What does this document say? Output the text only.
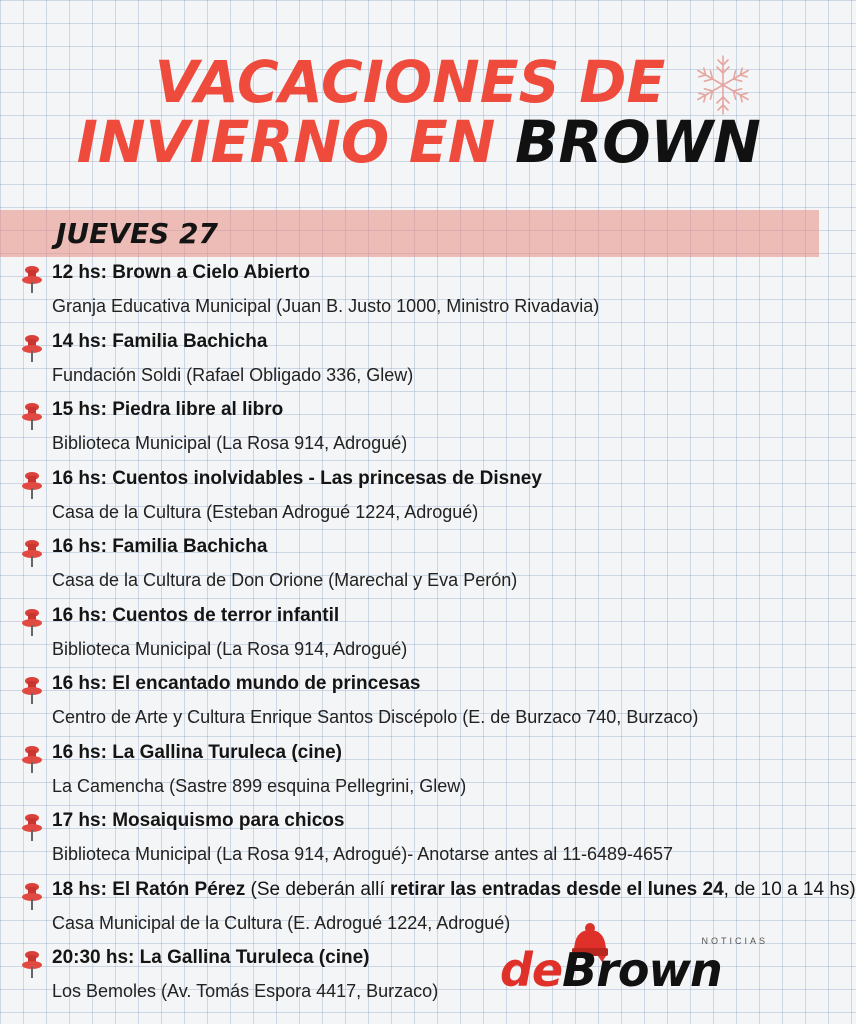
VACACIONES DE
INVIERNO EN BROWN
JUEVES 27
12 hs: Brown a Cielo Abierto
Granja Educativa Municipal (Juan B. Justo 1000, Ministro Rivadavia)
14 hs: Familia Bachicha
Fundación Soldi (Rafael Obligado 336, Glew)
15 hs: Piedra libre al libro
Biblioteca Municipal (La Rosa 914, Adrogué)
16 hs: Cuentos inolvidables - Las princesas de Disney
Casa de la Cultura (Esteban Adrogué 1224, Adrogué)
16 hs: Familia Bachicha
Casa de la Cultura de Don Orione (Marechal y Eva Perón)
16 hs: Cuentos de terror infantil
Biblioteca Municipal (La Rosa 914, Adrogué)
16 hs: El encantado mundo de princesas
Centro de Arte y Cultura Enrique Santos Discépolo (E. de Burzaco 740, Burzaco)
16 hs: La Gallina Turuleca (cine)
La Camencha (Sastre 899 esquina Pellegrini, Glew)
17 hs: Mosaiquismo para chicos
Biblioteca Municipal (La Rosa 914, Adrogué)- Anotarse antes al 11-6489-4657
18 hs: El Ratón Pérez (Se deberán allí retirar las entradas desde el lunes 24, de 10 a 14 hs)
Casa Municipal de la Cultura (E. Adrogué 1224, Adrogué)
20:30 hs: La Gallina Turuleca (cine)
Los Bemoles (Av. Tomás Espora 4417, Burzaco)
NOTICIAS
deBrown
